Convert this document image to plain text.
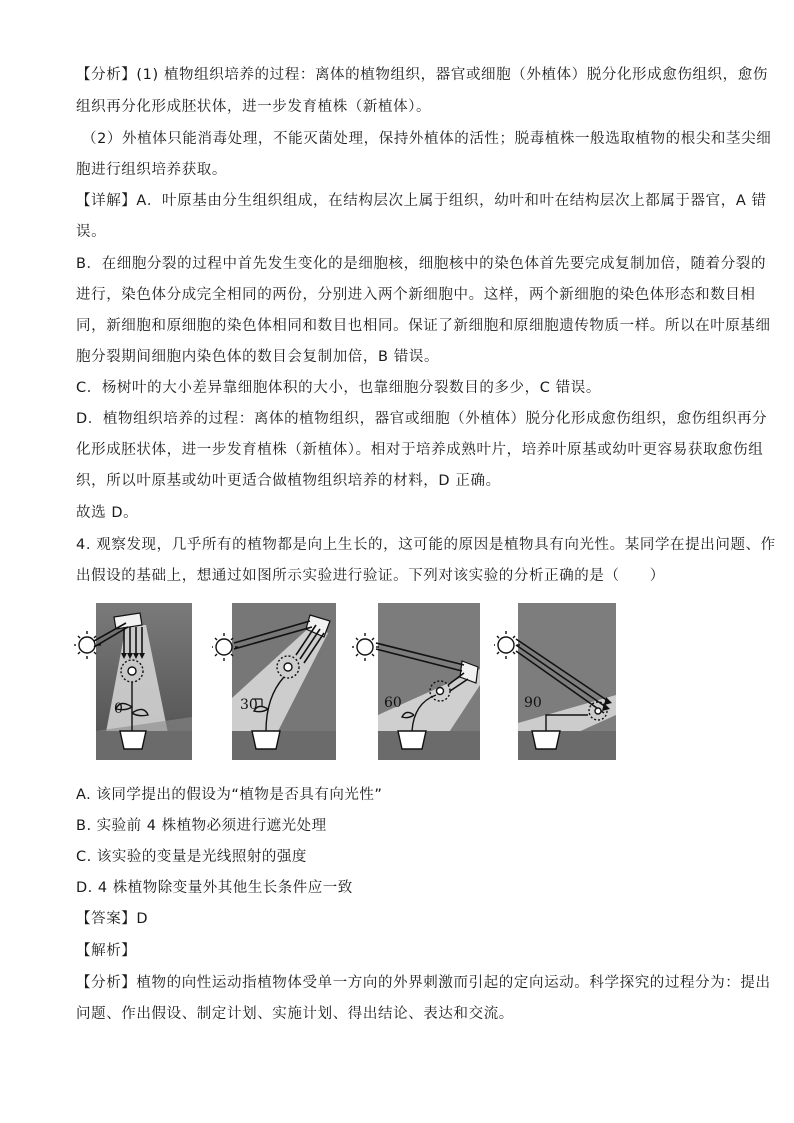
【分析】(1) 植物组织培养的过程：离体的植物组织，器官或细胞（外植体）脱分化形成愈伤组织，愈伤
组织再分化形成胚状体，进一步发育植株（新植体）。
（2）外植体只能消毒处理，不能灭菌处理，保持外植体的活性；脱毒植株一般选取植物的根尖和茎尖细
胞进行组织培养获取。
【详解】A．叶原基由分生组织组成，在结构层次上属于组织，幼叶和叶在结构层次上都属于器官，A 错
误。
B．在细胞分裂的过程中首先发生变化的是细胞核，细胞核中的染色体首先要完成复制加倍，随着分裂的
进行，染色体分成完全相同的两份，分别进入两个新细胞中。这样，两个新细胞的染色体形态和数目相
同，新细胞和原细胞的染色体相同和数目也相同。保证了新细胞和原细胞遗传物质一样。所以在叶原基细
胞分裂期间细胞内染色体的数目会复制加倍，B 错误。
C．杨树叶的大小差异靠细胞体积的大小，也靠细胞分裂数目的多少，C 错误。
D．植物组织培养的过程：离体的植物组织，器官或细胞（外植体）脱分化形成愈伤组织，愈伤组织再分
化形成胚状体，进一步发育植株（新植体）。相对于培养成熟叶片，培养叶原基或幼叶更容易获取愈伤组
织，所以叶原基或幼叶更适合做植物组织培养的材料，D 正确。
故选 D。
4. 观察发现，几乎所有的植物都是向上生长的，这可能的原因是植物具有向光性。某同学在提出问题、作
出假设的基础上，想通过如图所示实验进行验证。下列对该实验的分析正确的是（　　）
0	30	60	90
A. 该同学提出的假设为“植物是否具有向光性”
B. 实验前 4 株植物必须进行遮光处理
C. 该实验的变量是光线照射的强度
D. 4 株植物除变量外其他生长条件应一致
【答案】D
【解析】
【分析】植物的向性运动指植物体受单一方向的外界刺激而引起的定向运动。科学探究的过程分为：提出
问题、作出假设、制定计划、实施计划、得出结论、表达和交流。
